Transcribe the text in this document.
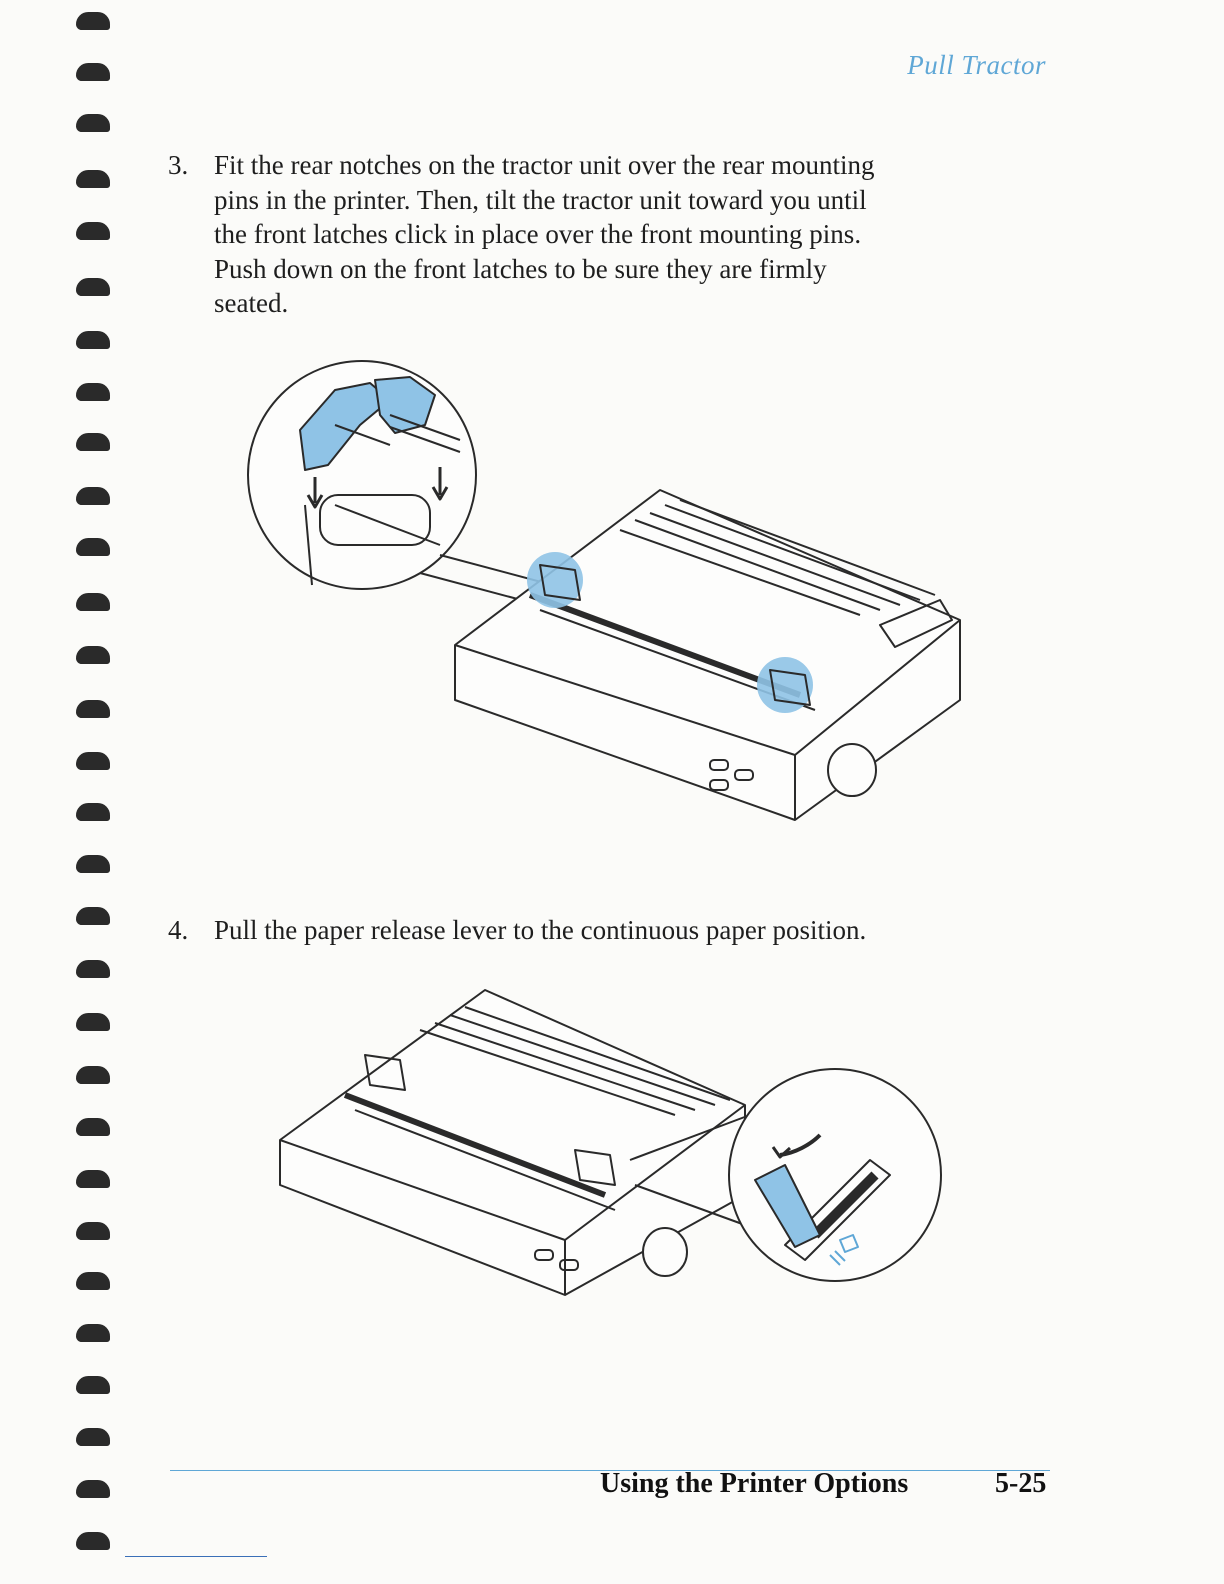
Pull Tractor
3. Fit the rear notches on the tractor unit over the rear mounting
pins in the printer. Then, tilt the tractor unit toward you until
the front latches click in place over the front mounting pins.
Push down on the front latches to be sure they are firmly
seated.
4. Pull the paper release lever to the continuous paper position.
Using the Printer Options	5-25
